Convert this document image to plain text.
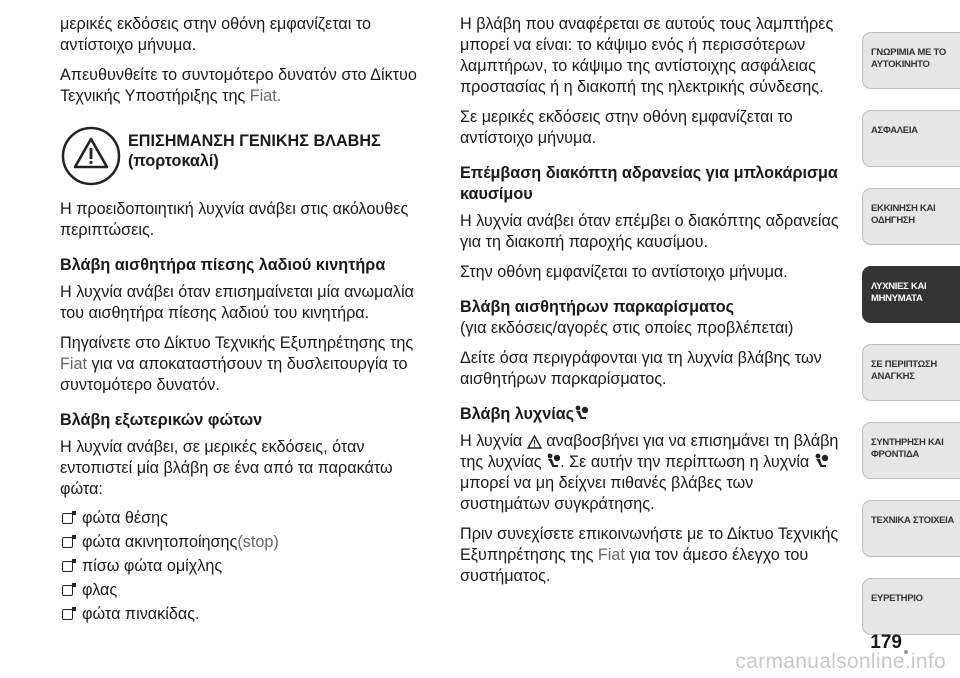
μερικές εκδόσεις στην οθόνη εμφανίζεται το αντίστοιχο μήνυμα.

Απευθυνθείτε το συντομότερο δυνατόν στο Δίκτυο Τεχνικής Υποστήριξης της Fiat.

ΕΠΙΣΗΜΑΝΣΗ ΓΕΝΙΚΗΣ ΒΛΑΒΗΣ (πορτοκαλί)

Η προειδοποιητική λυχνία ανάβει στις ακόλουθες περιπτώσεις.

Βλάβη αισθητήρα πίεσης λαδιού κινητήρα

Η λυχνία ανάβει όταν επισημαίνεται μία ανωμαλία του αισθητήρα πίεσης λαδιού του κινητήρα.

Πηγαίνετε στο Δίκτυο Τεχνικής Εξυπηρέτησης της Fiat για να αποκαταστήσουν τη δυσλειτουργία το συντομότερο δυνατόν.

Βλάβη εξωτερικών φώτων

Η λυχνία ανάβει, σε μερικές εκδόσεις, όταν εντοπιστεί μία βλάβη σε ένα από τα παρακάτω φώτα:

φώτα θέσης
φώτα ακινητοποίησης (stop)
πίσω φώτα ομίχλης
φλας
φώτα πινακίδας.

Η βλάβη που αναφέρεται σε αυτούς τους λαμπτήρες μπορεί να είναι: το κάψιμο ενός ή περισσότερων λαμπτήρων, το κάψιμο της αντίστοιχης ασφάλειας προστασίας ή η διακοπή της ηλεκτρικής σύνδεσης.

Σε μερικές εκδόσεις στην οθόνη εμφανίζεται το αντίστοιχο μήνυμα.

Επέμβαση διακόπτη αδρανείας για μπλοκάρισμα καυσίμου

Η λυχνία ανάβει όταν επέμβει ο διακόπτης αδρανείας για τη διακοπή παροχής καυσίμου.

Στην οθόνη εμφανίζεται το αντίστοιχο μήνυμα.

Βλάβη αισθητήρων παρκαρίσματος

(για εκδόσεις/αγορές στις οποίες προβλέπεται)

Δείτε όσα περιγράφονται για τη λυχνία βλάβης των αισθητήρων παρκαρίσματος.

Βλάβη λυχνίας

Η λυχνία  αναβοσβήνει για να επισημάνει τη βλάβη της λυχνίας . Σε αυτήν την περίπτωση η λυχνία  μπορεί να μη δείχνει πιθανές βλάβες των συστημάτων συγκράτησης.

Πριν συνεχίσετε επικοινωνήστε με το Δίκτυο Τεχνικής Εξυπηρέτησης της Fiat για τον άμεσο έλεγχο του συστήματος.

ΓΝΩΡΙΜΙΑ ΜΕ ΤΟ ΑΥΤΟΚΙΝΗΤΟ
ΑΣΦΑΛΕΙΑ
ΕΚΚΙΝΗΣΗ ΚΑΙ ΟΔΗΓΗΣΗ
ΛΥΧΝΙΕΣ ΚΑΙ ΜΗΝΥΜΑΤΑ
ΣΕ ΠΕΡΙΠΤΩΣΗ ΑΝΑΓΚΗΣ
ΣΥΝΤΗΡΗΣΗ ΚΑΙ ΦΡΟΝΤΙΔΑ
ΤΕΧΝΙΚΑ ΣΤΟΙΧΕΙΑ
ΕΥΡΕΤΗΡΙΟ
179
carmanualsonline.info
